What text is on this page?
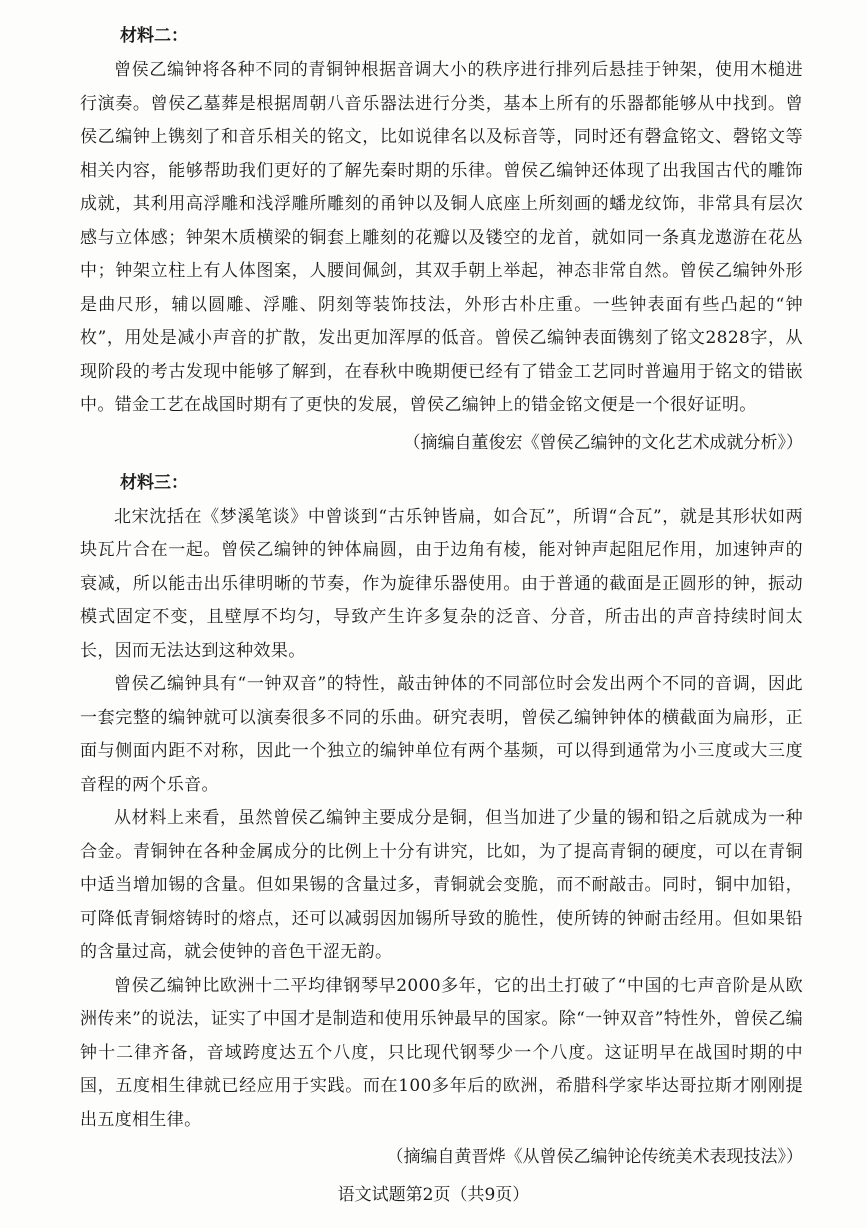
材料二：

曾侯乙编钟将各种不同的青铜钟根据音调大小的秩序进行排列后悬挂于钟架，使用木槌进行演奏。曾侯乙墓葬是根据周朝八音乐器法进行分类，基本上所有的乐器都能够从中找到。曾侯乙编钟上镌刻了和音乐相关的铭文，比如说律名以及标音等，同时还有磬盒铭文、磬铭文等相关内容，能够帮助我们更好的了解先秦时期的乐律。曾侯乙编钟还体现了出我国古代的雕饰成就，其利用高浮雕和浅浮雕所雕刻的甬钟以及铜人底座上所刻画的蟠龙纹饰，非常具有层次感与立体感；钟架木质横梁的铜套上雕刻的花瓣以及镂空的龙首，就如同一条真龙遨游在花丛中；钟架立柱上有人体图案，人腰间佩剑，其双手朝上举起，神态非常自然。曾侯乙编钟外形是曲尺形，辅以圆雕、浮雕、阴刻等装饰技法，外形古朴庄重。一些钟表面有些凸起的“钟枚”，用处是减小声音的扩散，发出更加浑厚的低音。曾侯乙编钟表面镌刻了铭文2828字，从现阶段的考古发现中能够了解到，在春秋中晚期便已经有了错金工艺同时普遍用于铭文的错嵌中。错金工艺在战国时期有了更快的发展，曾侯乙编钟上的错金铭文便是一个很好证明。

（摘编自董俊宏《曾侯乙编钟的文化艺术成就分析》）
材料三：

北宋沈括在《梦溪笔谈》中曾谈到“古乐钟皆扁，如合瓦”，所谓“合瓦”，就是其形状如两块瓦片合在一起。曾侯乙编钟的钟体扁圆，由于边角有棱，能对钟声起阻尼作用，加速钟声的衰减，所以能击出乐律明晰的节奏，作为旋律乐器使用。由于普通的截面是正圆形的钟，振动模式固定不变，且壁厚不均匀，导致产生许多复杂的泛音、分音，所击出的声音持续时间太长，因而无法达到这种效果。

曾侯乙编钟具有“一钟双音”的特性，敲击钟体的不同部位时会发出两个不同的音调，因此一套完整的编钟就可以演奏很多不同的乐曲。研究表明，曾侯乙编钟钟体的横截面为扁形，正面与侧面内距不对称，因此一个独立的编钟单位有两个基频，可以得到通常为小三度或大三度音程的两个乐音。

从材料上来看，虽然曾侯乙编钟主要成分是铜，但当加进了少量的锡和铅之后就成为一种合金。青铜钟在各种金属成分的比例上十分有讲究，比如，为了提高青铜的硬度，可以在青铜中适当增加锡的含量。但如果锡的含量过多，青铜就会变脆，而不耐敲击。同时，铜中加铅，可降低青铜熔铸时的熔点，还可以减弱因加锡所导致的脆性，使所铸的钟耐击经用。但如果铅的含量过高，就会使钟的音色干涩无韵。

曾侯乙编钟比欧洲十二平均律钢琴早2000多年，它的出土打破了“中国的七声音阶是从欧洲传来”的说法，证实了中国才是制造和使用乐钟最早的国家。除“一钟双音”特性外，曾侯乙编钟十二律齐备，音域跨度达五个八度，只比现代钢琴少一个八度。这证明早在战国时期的中国，五度相生律就已经应用于实践。而在100多年后的欧洲，希腊科学家毕达哥拉斯才刚刚提出五度相生律。

（摘编自黄晋烨《从曾侯乙编钟论传统美术表现技法》）
语文试题第2页（共9页）
